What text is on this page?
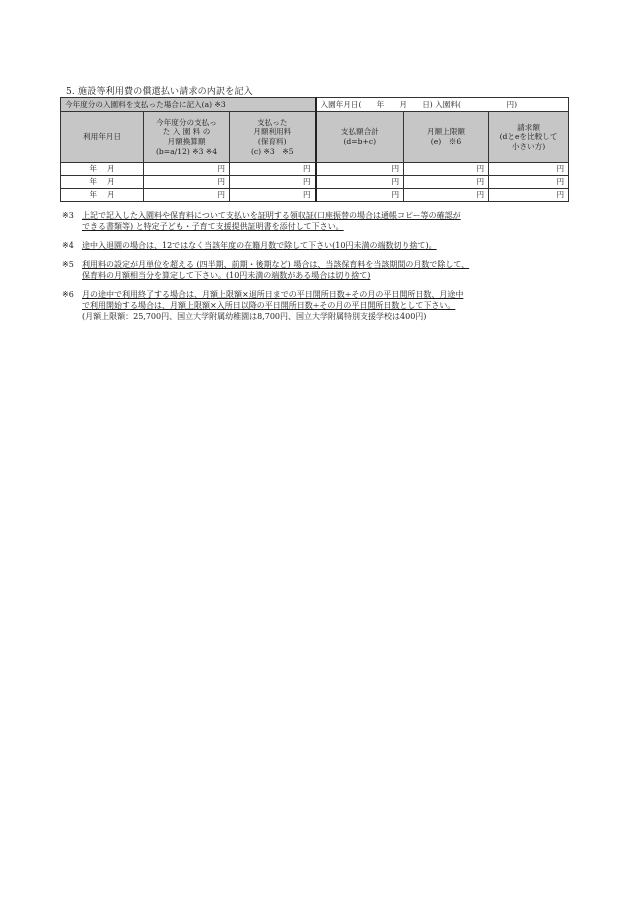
5. 施設等利用費の償還払い請求の内訳を記入
今年度分の入園料を支払った場合に記入(a) ※3			入園年月日(　　年　　月　　日) 入園料(　　　　　　円)		

利用年月日	今年度分の支払っ
た 入 園 料 の
月額換算額
(b=a/12) ※3 ※4	支払った
月額利用料
(保育料)
(c) ※3　※5	支払額合計
(d=b+c)	月額上限額
(e)　※6	請求額
(dとeを比較して
小さい方)

年 月	円	円	円	円	円

年 月	円	円	円	円	円

年 月	円	円	円	円	円
※3	上記で記入した入園料や保育料について支払いを証明する領収証(口座振替の場合は通帳コピー等の確認が
できる書類等) と特定子ども・子育て支援提供証明書を添付して下さい。
※4	途中入退園の場合は、12ではなく当該年度の在籍月数で除して下さい(10円未満の端数切り捨て)。
※5	利用料の設定が月単位を超える (四半期、前期・後期など) 場合は、当該保育料を当該期間の月数で除して、
保育料の月額相当分を算定して下さい。(10円未満の端数がある場合は切り捨て)
※6	月の途中で利用終了する場合は、月額上限額×退所日までの平日開所日数÷その月の平日開所日数、月途中
で利用開始する場合は、月額上限額×入所日以降の平日開所日数÷その月の平日開所日数として下さい。
(月額上限額：25,700円、国立大学附属幼稚園は8,700円、国立大学附属特別支援学校は400円)
